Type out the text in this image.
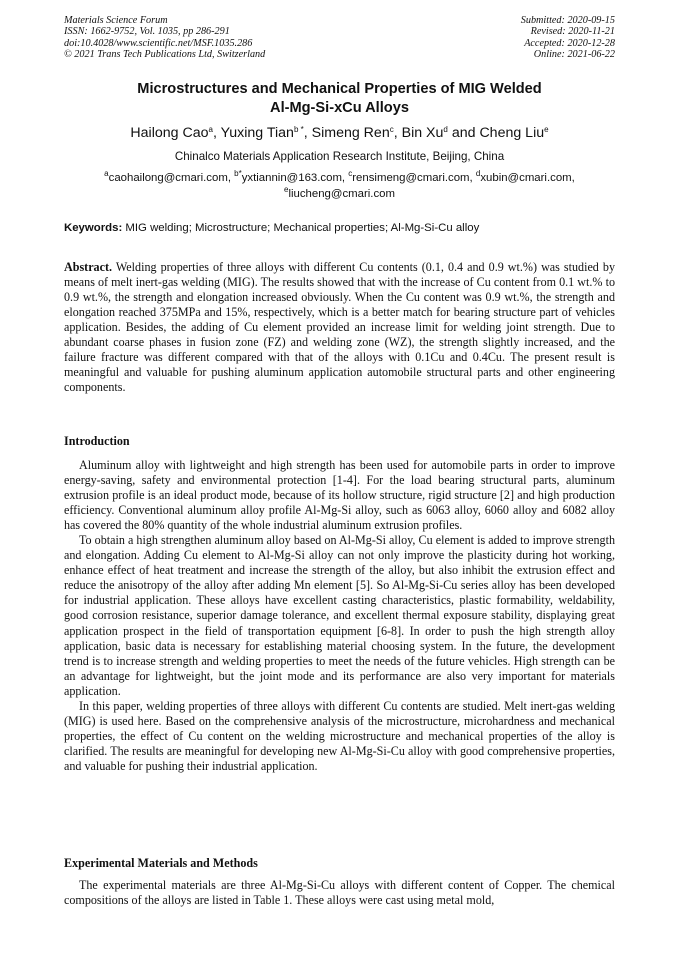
Materials Science Forum
ISSN: 1662-9752, Vol. 1035, pp 286-291
doi:10.4028/www.scientific.net/MSF.1035.286
© 2021 Trans Tech Publications Ltd, Switzerland
Submitted: 2020-09-15
Revised: 2020-11-21
Accepted: 2020-12-28
Online: 2021-06-22
Microstructures and Mechanical Properties of MIG Welded
Al-Mg-Si-xCu Alloys
Hailong Cao$^a$, Yuxing Tian$^{b *}$, Simeng Ren$^c$, Bin Xu$^d$ and Cheng Liu$^e$
Chinalco Materials Application Research Institute, Beijing, China
$^a$caohailong@cmari.com, $^{b*}$yxtiannin@163.com, $^c$rensimeng@cmari.com, $^d$xubin@cmari.com,
$^e$liucheng@cmari.com
Keywords: MIG welding; Microstructure; Mechanical properties; Al-Mg-Si-Cu alloy

Abstract. Welding properties of three alloys with different Cu contents (0.1, 0.4 and 0.9 wt.%) was studied by means of melt inert-gas welding (MIG). The results showed that with the increase of Cu content from 0.1 wt.% to 0.9 wt.%, the strength and elongation increased obviously. When the Cu content was 0.9 wt.%, the strength and elongation reached 375MPa and 15%, respectively, which is a better match for bearing structure part of vehicles application. Besides, the adding of Cu element provided an increase limit for welding joint strength. Due to abundant coarse phases in fusion zone (FZ) and welding zone (WZ), the strength slightly increased, and the failure fracture was different compared with that of the alloys with 0.1Cu and 0.4Cu. The present result is meaningful and valuable for pushing aluminum application automobile structural parts and other engineering components.

Introduction

Aluminum alloy with lightweight and high strength has been used for automobile parts in order to improve energy-saving, safety and environmental protection [1-4]. For the load bearing structural parts, aluminum extrusion profile is an ideal product mode, because of its hollow structure, rigid structure [2] and high production efficiency. Conventional aluminum alloy profile Al-Mg-Si alloy, such as 6063 alloy, 6060 alloy and 6082 alloy has covered the 80% quantity of the whole industrial aluminum extrusion profiles.

To obtain a high strengthen aluminum alloy based on Al-Mg-Si alloy, Cu element is added to improve strength and elongation. Adding Cu element to Al-Mg-Si alloy can not only improve the plasticity during hot working, enhance effect of heat treatment and increase the strength of the alloy, but also inhibit the extrusion effect and reduce the anisotropy of the alloy after adding Mn element [5]. So Al-Mg-Si-Cu series alloy has been developed for industrial application. These alloys have excellent casting characteristics, plastic formability, weldability, good corrosion resistance, superior damage tolerance, and excellent thermal exposure stability, displaying great application prospect in the field of transportation equipment [6-8]. In order to push the high strength alloy application, basic data is necessary for establishing material choosing system. In the future, the development trend is to increase strength and welding properties to meet the needs of the future vehicles. High strength can be an advantage for lightweight, but the joint mode and its performance are also very important for materials application.

In this paper, welding properties of three alloys with different Cu contents are studied. Melt inert-gas welding (MIG) is used here. Based on the comprehensive analysis of the microstructure, microhardness and mechanical properties, the effect of Cu content on the welding microstructure and mechanical properties of the alloy is clarified. The results are meaningful for developing new Al-Mg-Si-Cu alloy with good comprehensive properties, and valuable for pushing their industrial application.

Experimental Materials and Methods

The experimental materials are three Al-Mg-Si-Cu alloys with different content of Copper. The chemical compositions of the alloys are listed in Table 1. These alloys were cast using metal mold,
